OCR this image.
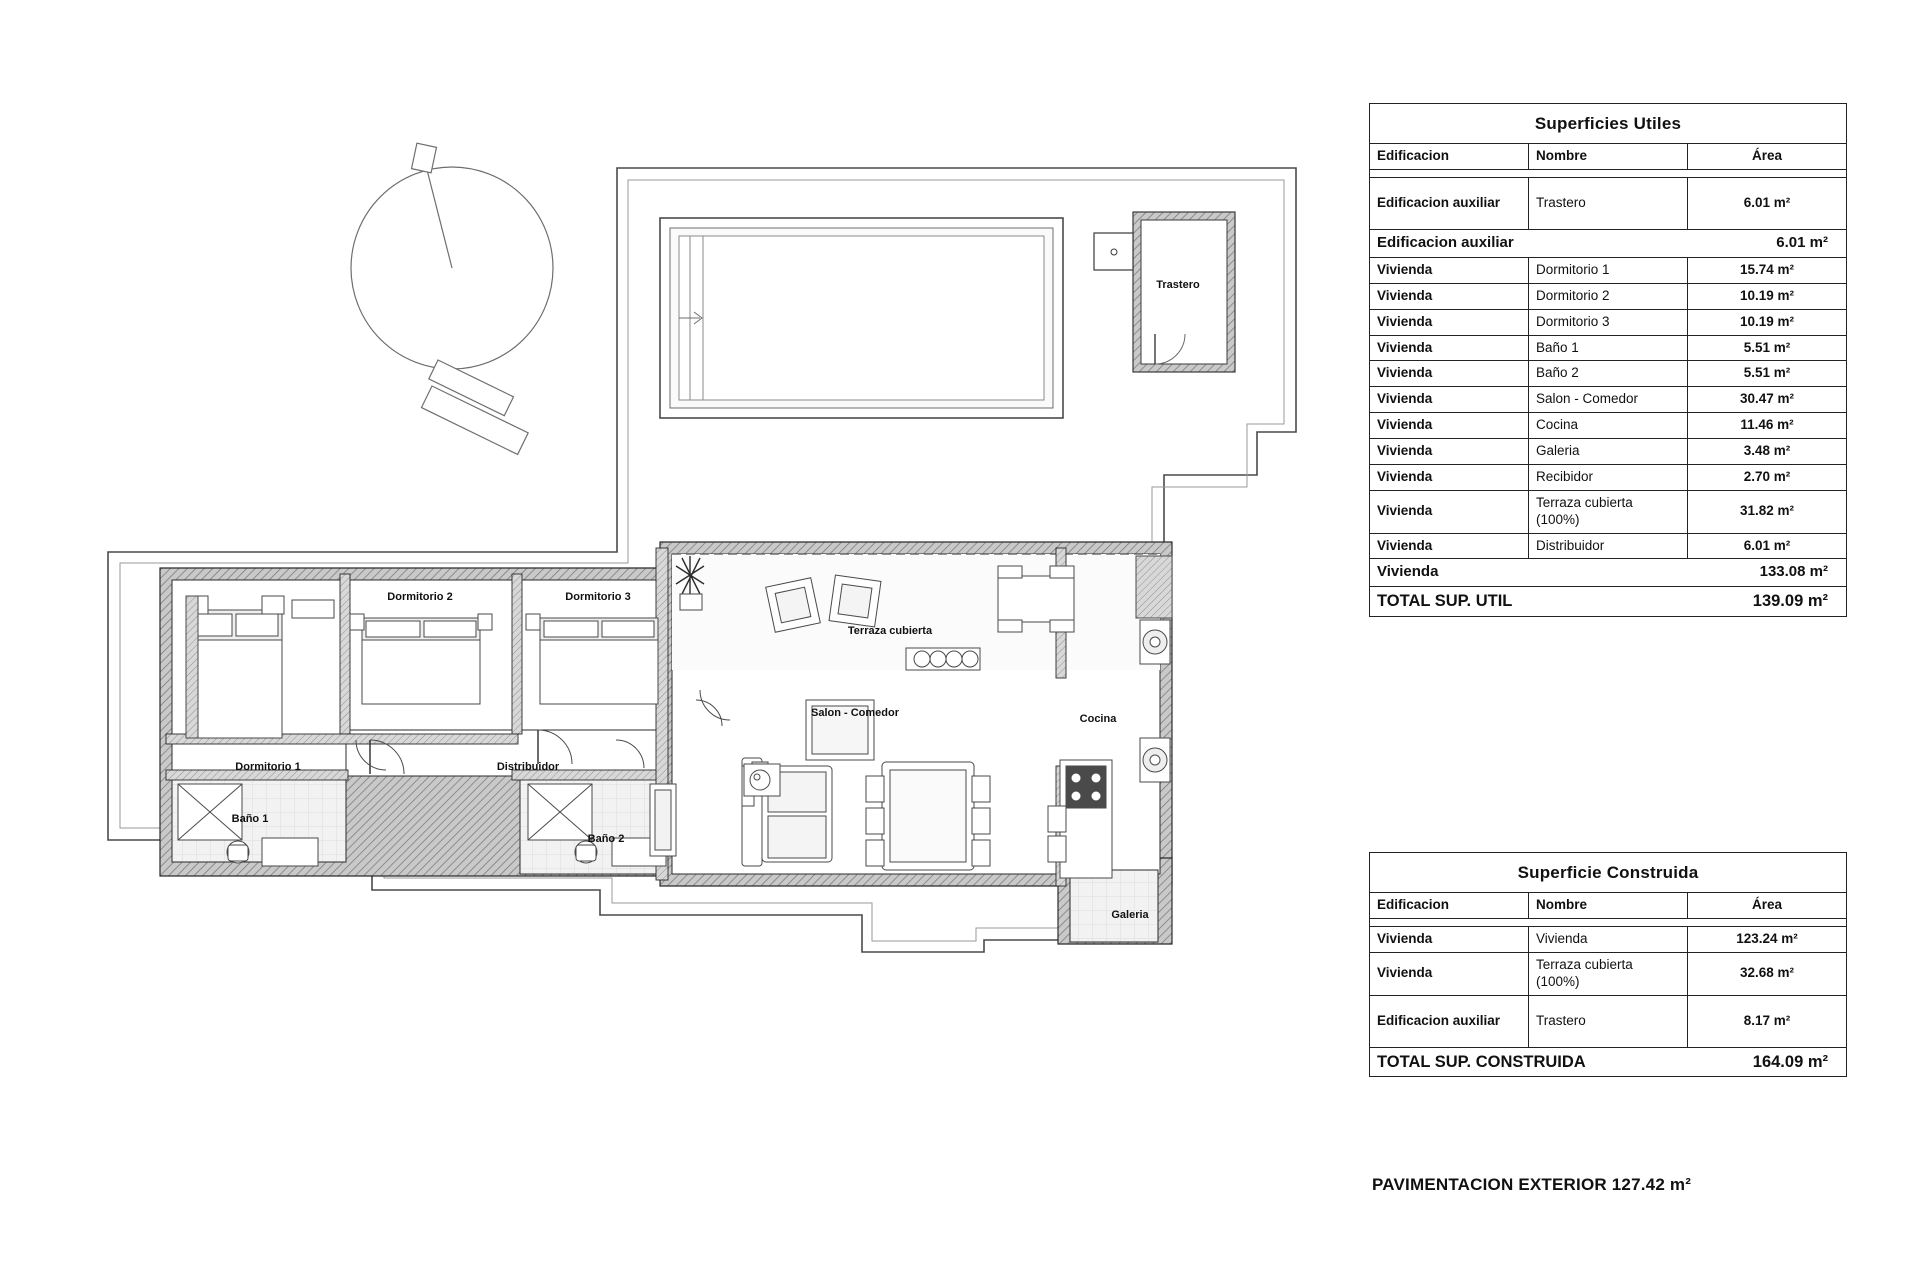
Trastero
Dormitorio 2	Dormitorio 3
Terraza cubierta
Salon - Comedor	Cocina
Dormitorio 1	Distribuidor
Baño 1
Baño 2
Galeria
Superficies Utiles		
Edificacion	Nombre	Área

Edificacion auxiliar	Trastero	6.01 m²
Edificacion auxiliar		6.01 m²
Vivienda	Dormitorio 1	15.74 m²
Vivienda	Dormitorio 2	10.19 m²
Vivienda	Dormitorio 3	10.19 m²
Vivienda	Baño 1	5.51 m²
Vivienda	Baño 2	5.51 m²
Vivienda	Salon - Comedor	30.47 m²
Vivienda	Cocina	11.46 m²
Vivienda	Galeria	3.48 m²
Vivienda	Recibidor	2.70 m²
Vivienda	Terraza cubierta (100%)	31.82 m²
Vivienda	Distribuidor	6.01 m²
Vivienda		133.08 m²
TOTAL SUP. UTIL		139.09 m²
Superficie Construida		
Edificacion	Nombre	Área

Vivienda	Vivienda	123.24 m²
Vivienda	Terraza cubierta (100%)	32.68 m²
Edificacion auxiliar	Trastero	8.17 m²
TOTAL SUP. CONSTRUIDA		164.09 m²
PAVIMENTACION EXTERIOR 127.42 m²
